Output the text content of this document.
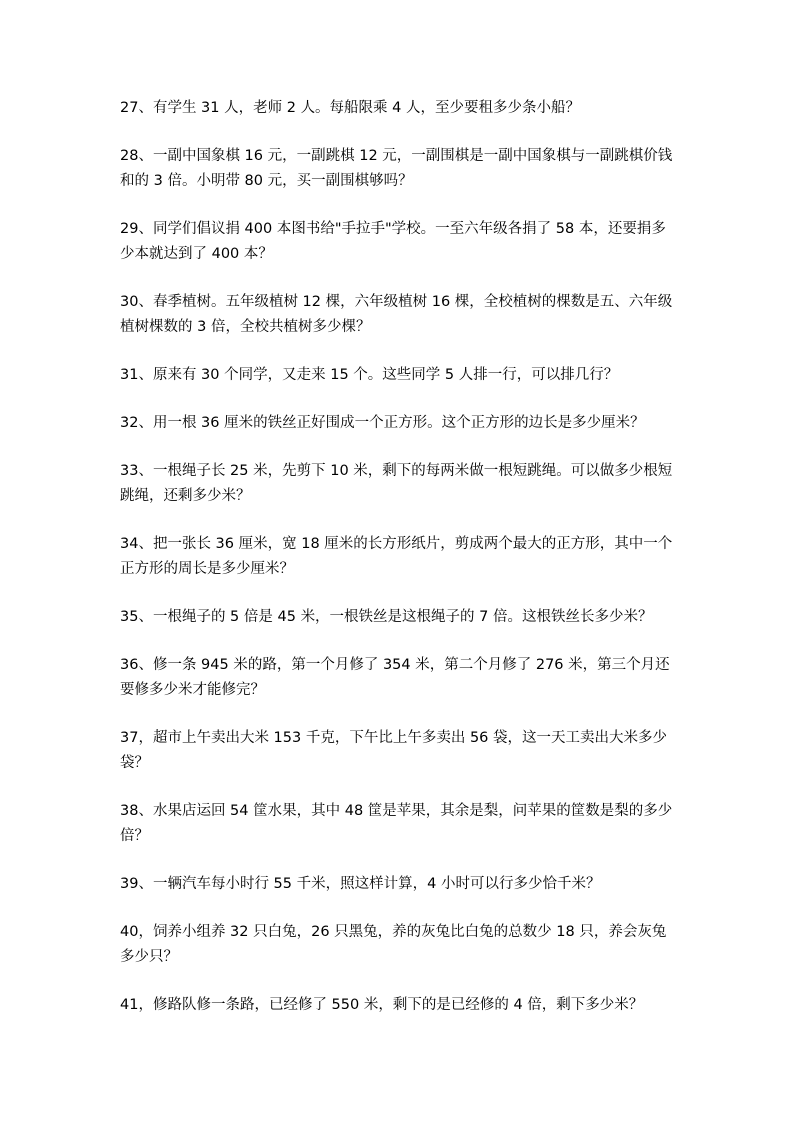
27、有学生 31 人，老师 2 人。每船限乘 4 人，至少要租多少条小船？

28、一副中国象棋 16 元，一副跳棋 12 元，一副围棋是一副中国象棋与一副跳棋价钱和的 3 倍。小明带 80 元，买一副围棋够吗？

29、同学们倡议捐 400 本图书给"手拉手"学校。一至六年级各捐了 58 本，还要捐多少本就达到了 400 本？

30、春季植树。五年级植树 12 棵，六年级植树 16 棵，全校植树的棵数是五、六年级植树棵数的 3 倍，全校共植树多少棵？

31、原来有 30 个同学，又走来 15 个。这些同学 5 人排一行，可以排几行？

32、用一根 36 厘米的铁丝正好围成一个正方形。这个正方形的边长是多少厘米？

33、一根绳子长 25 米，先剪下 10 米，剩下的每两米做一根短跳绳。可以做多少根短跳绳，还剩多少米？

34、把一张长 36 厘米，宽 18 厘米的长方形纸片，剪成两个最大的正方形，其中一个正方形的周长是多少厘米？

35、一根绳子的 5 倍是 45 米，一根铁丝是这根绳子的 7 倍。这根铁丝长多少米？

36、修一条 945 米的路，第一个月修了 354 米，第二个月修了 276 米，第三个月还要修多少米才能修完？

37，超市上午卖出大米 153 千克，下午比上午多卖出 56 袋，这一天工卖出大米多少袋？

38、水果店运回 54 筐水果，其中 48 筐是苹果，其余是梨，问苹果的筐数是梨的多少倍？

39、一辆汽车每小时行 55 千米，照这样计算，4 小时可以行多少恰千米？

40，饲养小组养 32 只白兔，26 只黑兔，养的灰兔比白兔的总数少 18 只，养会灰兔多少只？

41，修路队修一条路，已经修了 550 米，剩下的是已经修的 4 倍，剩下多少米？
